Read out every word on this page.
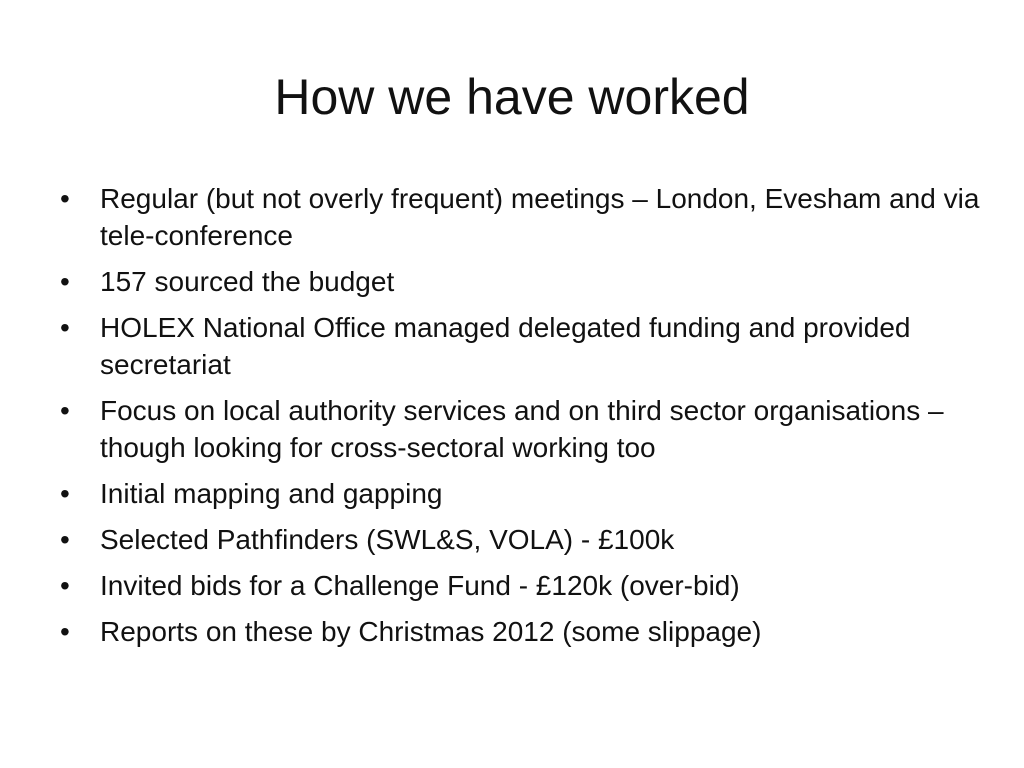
How we have worked
•	Regular (but not overly frequent) meetings – London, Evesham and via tele-conference
•	157 sourced the budget
•	HOLEX National Office managed delegated funding and provided secretariat
•	Focus on local authority services and on third sector organisations – though looking for cross-sectoral working too
•	Initial mapping and gapping
•	Selected Pathfinders (SWL&S, VOLA) - £100k
•	Invited bids for a Challenge Fund - £120k (over-bid)
•	Reports on these by Christmas 2012 (some slippage)
